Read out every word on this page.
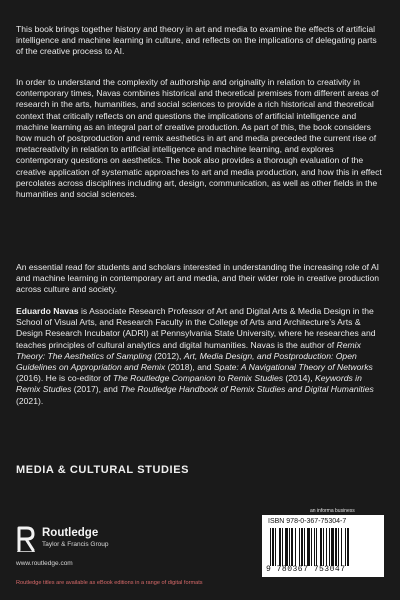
This book brings together history and theory in art and media to examine the effects of artificial intelligence and machine learning in culture, and reflects on the implications of delegating parts of the creative process to AI.

In order to understand the complexity of authorship and originality in relation to creativity in contemporary times, Navas combines historical and theoretical premises from different areas of research in the arts, humanities, and social sciences to provide a rich historical and theoretical context that critically reflects on and questions the implications of artificial intelligence and machine learning as an integral part of creative production. As part of this, the book considers how much of postproduction and remix aesthetics in art and media preceded the current rise of metacreativity in relation to artificial intelligence and machine learning, and explores contemporary questions on aesthetics. The book also provides a thorough evaluation of the creative application of systematic approaches to art and media production, and how this in effect percolates across disciplines including art, design, communication, as well as other fields in the humanities and social sciences.

An essential read for students and scholars interested in understanding the increasing role of AI and machine learning in contemporary art and media, and their wider role in creative production across culture and society.

Eduardo Navas is Associate Research Professor of Art and Digital Arts & Media Design in the School of Visual Arts, and Research Faculty in the College of Arts and Architecture’s Arts & Design Research Incubator (ADRI) at Pennsylvania State University, where he researches and teaches principles of cultural analytics and digital humanities. Navas is the author of Remix Theory: The Aesthetics of Sampling (2012), Art, Media Design, and Postproduction: Open Guidelines on Appropriation and Remix (2018), and Spate: A Navigational Theory of Networks (2016). He is co-editor of The Routledge Companion to Remix Studies (2014), Keywords in Remix Studies (2017), and The Routledge Handbook of Remix Studies and Digital Humanities (2021).

MEDIA & CULTURAL STUDIES
Routledge
Taylor & Francis Group
www.routledge.com
Routledge titles are available as eBook editions in a range of digital formats
an informa business
ISBN 978-0-367-75304-7
9 780367 753047
